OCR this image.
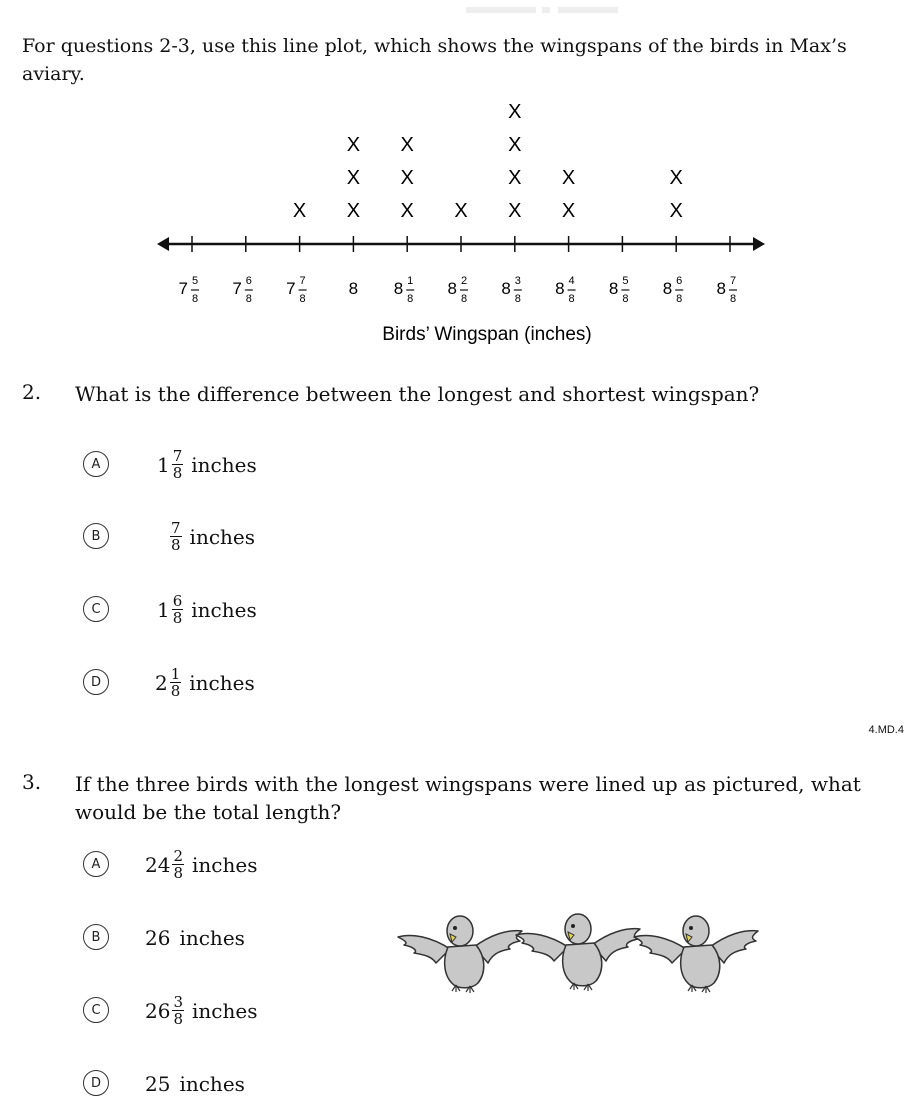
For questions 2-3, use this line plot, which shows the wingspans of the birds in Max’s aviary.
X X
X
X
X
X
X
X X
X
X
X
X
X
X
X
7 5
8
7 6
8
7 7
8
8 8 1
8
8 2
8
8 3
8
8 4
8
8 5
8
8 6
8
8 7
8
Birds’ Wingspan (inches)
2. What is the difference between the longest and shortest wingspan?
A	$1 \frac{7}{8}$ inches
B	$\frac{7}{8}$ inches
C	$1 \frac{6}{8}$ inches
D	$2 \frac{1}{8}$ inches
4.MD.4
3. If the three birds with the longest wingspans were lined up as pictured, what would be the total length?
A	$24 \frac{2}{8}$ inches
B	26 inches
C	$26 \frac{3}{8}$ inches
D	25 inches
